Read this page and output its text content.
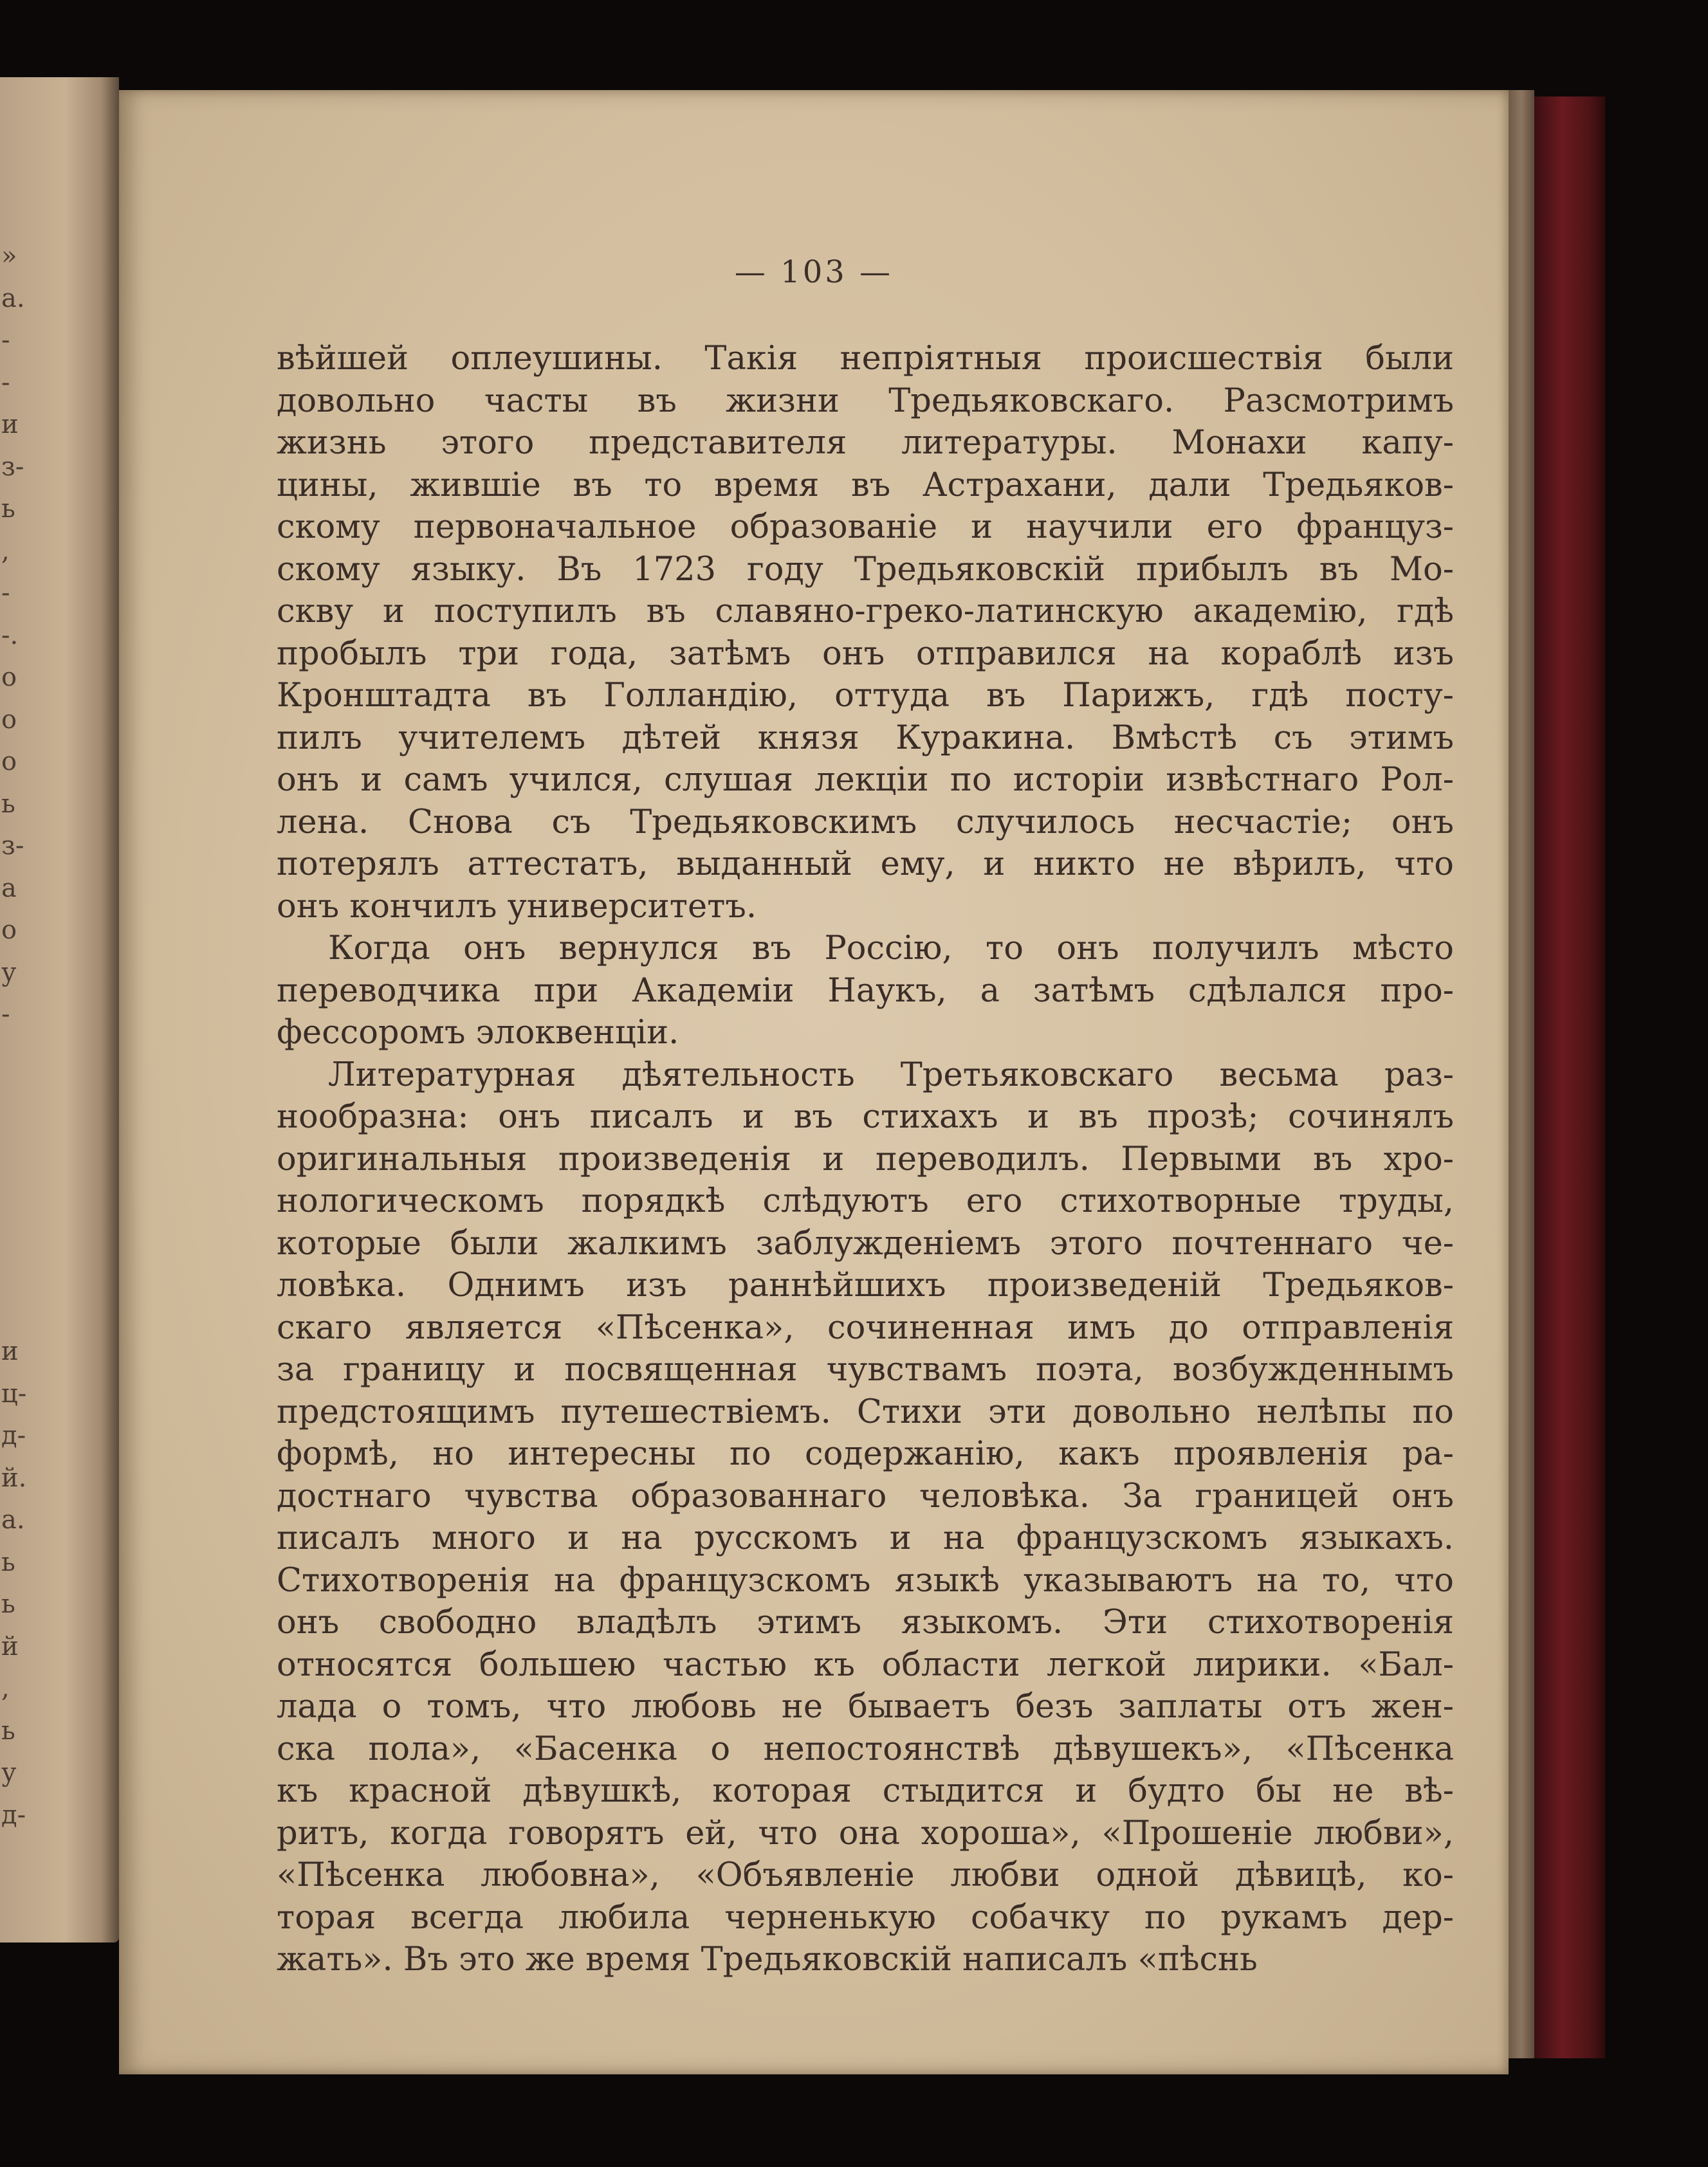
»
а.
-
-
и
з-
ь
,
-
-.
о
о
о
ь
з-
а
о
у
-
и
ц-
д-
й.
а.
ь
ь
й
,
ь
у
д-
— 103 —
вѣйшей оплеушины. Такія непріятныя происшествія были
довольно часты въ жизни Тредьяковскаго. Разсмотримъ
жизнь этого представителя литературы. Монахи капу-
цины, жившіе въ то время въ Астрахани, дали Тредьяков-
скому первоначальное образованіе и научили его француз-
скому языку. Въ 1723 году Тредьяковскій прибылъ въ Мо-
скву и поступилъ въ славяно-греко-латинскую академію, гдѣ
пробылъ три года, затѣмъ онъ отправился на кораблѣ изъ
Кронштадта въ Голландію, оттуда въ Парижъ, гдѣ посту-
пилъ учителемъ дѣтей князя Куракина. Вмѣстѣ съ этимъ
онъ и самъ учился, слушая лекціи по исторіи извѣстнаго Рол-
лена. Снова съ Тредьяковскимъ случилось несчастіе; онъ
потерялъ аттестатъ, выданный ему, и никто не вѣрилъ, что
онъ кончилъ университетъ.
Когда онъ вернулся въ Россію, то онъ получилъ мѣсто
переводчика при Академіи Наукъ, а затѣмъ сдѣлался про-
фессоромъ элоквенціи.
Литературная дѣятельность Третьяковскаго весьма раз-
нообразна: онъ писалъ и въ стихахъ и въ прозѣ; сочинялъ
оригинальныя произведенія и переводилъ. Первыми въ хро-
нологическомъ порядкѣ слѣдуютъ его стихотворные труды,
которые были жалкимъ заблужденіемъ этого почтеннаго че-
ловѣка. Однимъ изъ раннѣйшихъ произведеній Тредьяков-
скаго является «Пѣсенка», сочиненная имъ до отправленія
за границу и посвященная чувствамъ поэта, возбужденнымъ
предстоящимъ путешествіемъ. Стихи эти довольно нелѣпы по
формѣ, но интересны по содержанію, какъ проявленія ра-
достнаго чувства образованнаго человѣка. За границей онъ
писалъ много и на русскомъ и на французскомъ языкахъ.
Стихотворенія на французскомъ языкѣ указываютъ на то, что
онъ свободно владѣлъ этимъ языкомъ. Эти стихотворенія
относятся большею частью къ области легкой лирики. «Бал-
лада о томъ, что любовь не бываетъ безъ заплаты отъ жен-
ска пола», «Басенка о непостоянствѣ дѣвушекъ», «Пѣсенка
къ красной дѣвушкѣ, которая стыдится и будто бы не вѣ-
ритъ, когда говорятъ ей, что она хороша», «Прошеніе любви»,
«Пѣсенка любовна», «Объявленіе любви одной дѣвицѣ, ко-
торая всегда любила черненькую собачку по рукамъ дер-
жать». Въ это же время Тредьяковскій написалъ «пѣснь
